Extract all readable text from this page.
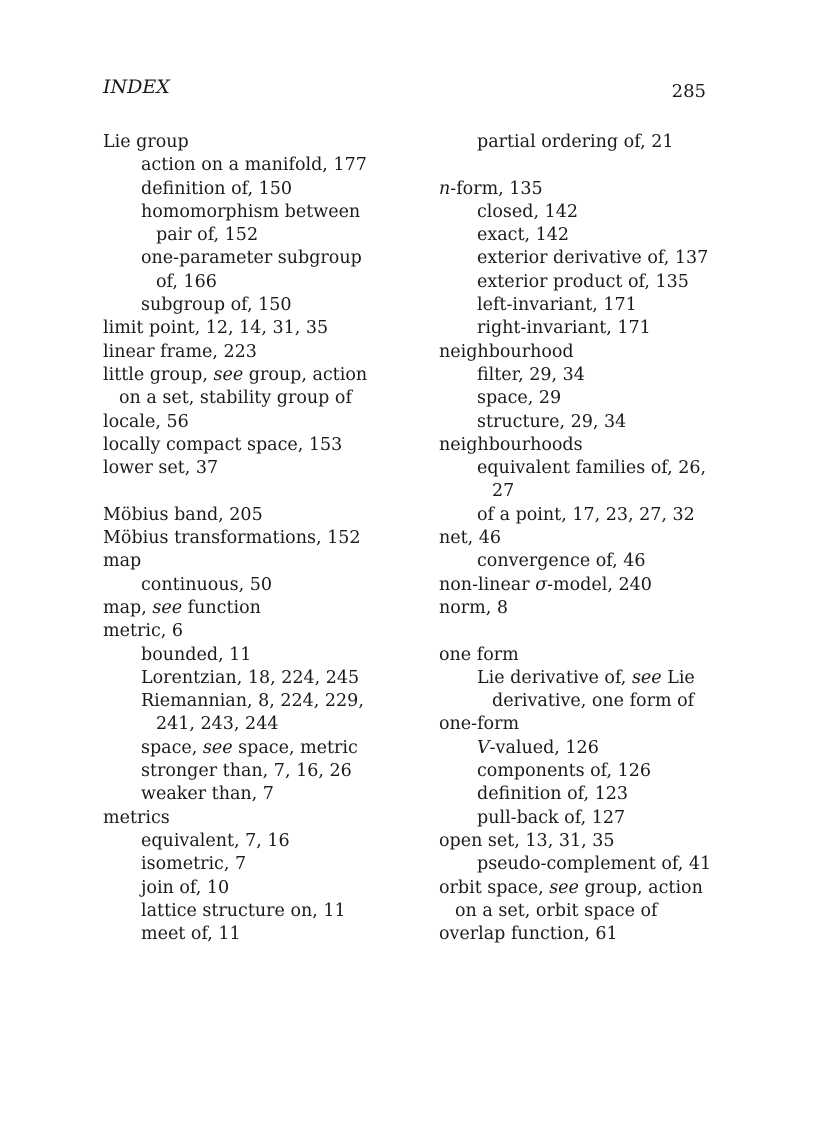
INDEX	285
Lie group
action on a manifold, 177
definition of, 150
homomorphism between
pair of, 152
one-parameter subgroup
of, 166
subgroup of, 150
limit point, 12, 14, 31, 35
linear frame, 223
little group, see group, action
on a set, stability group of
locale, 56
locally compact space, 153
lower set, 37
Möbius band, 205
Möbius transformations, 152
map
continuous, 50
map, see function
metric, 6
bounded, 11
Lorentzian, 18, 224, 245
Riemannian, 8, 224, 229,
241, 243, 244
space, see space, metric
stronger than, 7, 16, 26
weaker than, 7
metrics
equivalent, 7, 16
isometric, 7
join of, 10
lattice structure on, 11
meet of, 11
partial ordering of, 21
n-form, 135
closed, 142
exact, 142
exterior derivative of, 137
exterior product of, 135
left-invariant, 171
right-invariant, 171
neighbourhood
filter, 29, 34
space, 29
structure, 29, 34
neighbourhoods
equivalent families of, 26,
27
of a point, 17, 23, 27, 32
net, 46
convergence of, 46
non-linear σ-model, 240
norm, 8
one form
Lie derivative of, see Lie
derivative, one form of
one-form
V-valued, 126
components of, 126
definition of, 123
pull-back of, 127
open set, 13, 31, 35
pseudo-complement of, 41
orbit space, see group, action
on a set, orbit space of
overlap function, 61
